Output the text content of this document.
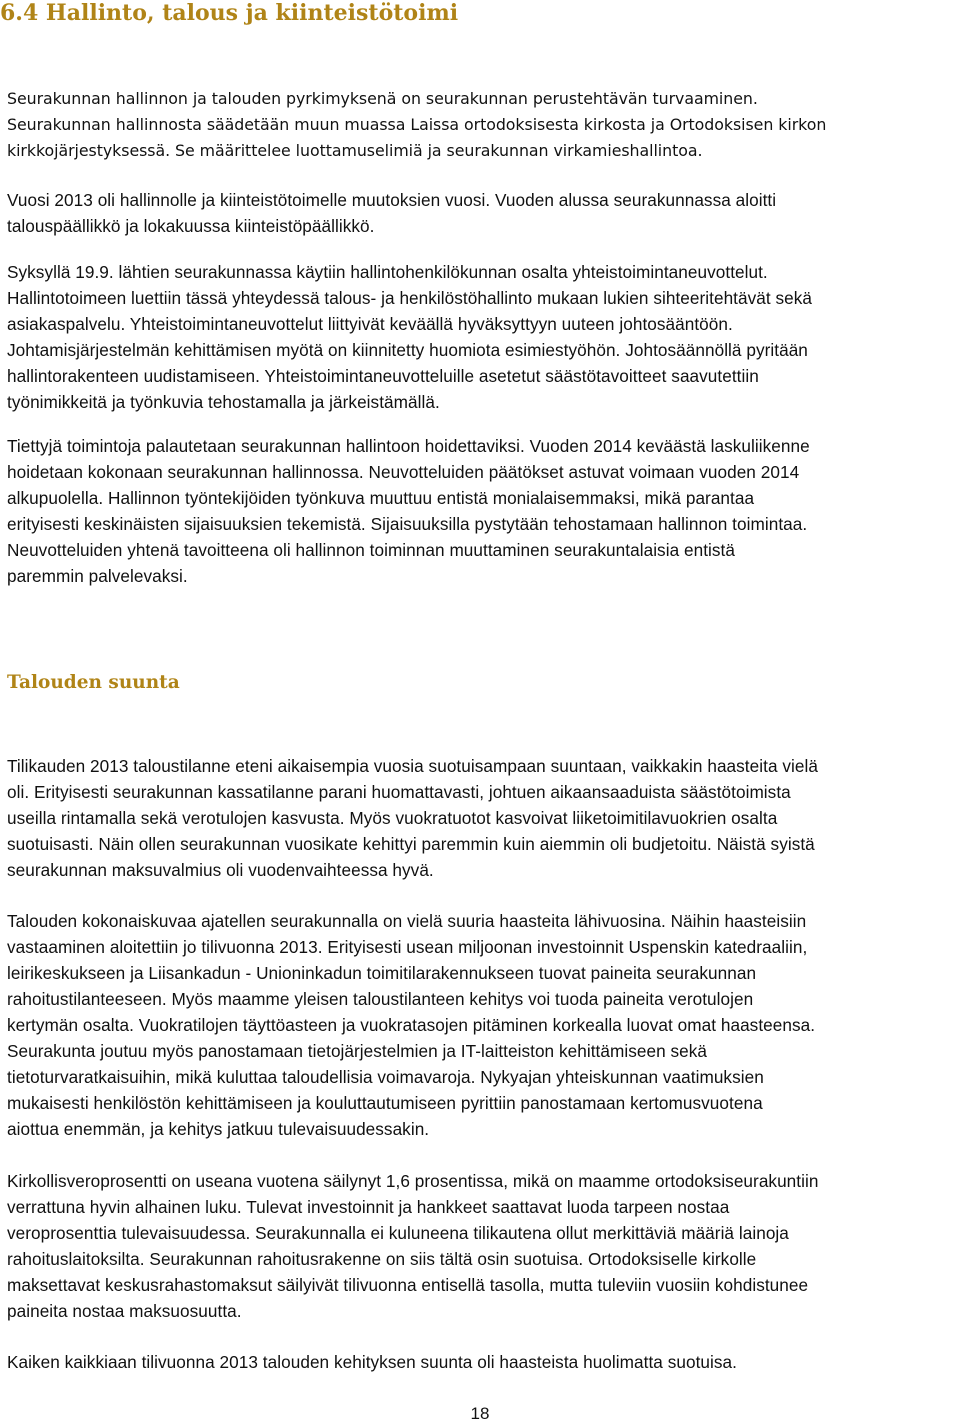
6.4 Hallinto, talous ja kiinteistötoimi
Seurakunnan hallinnon ja talouden pyrkimyksenä on seurakunnan perustehtävän turvaaminen.
Seurakunnan hallinnosta säädetään muun muassa Laissa ortodoksisesta kirkosta ja Ortodoksisen kirkon
kirkkojärjestyksessä. Se määrittelee luottamuselimiä ja seurakunnan virkamieshallintoa.
Vuosi 2013 oli hallinnolle ja kiinteistötoimelle muutoksien vuosi. Vuoden alussa seurakunnassa aloitti
talouspäällikkö ja lokakuussa kiinteistöpäällikkö.
Syksyllä 19.9. lähtien seurakunnassa käytiin hallintohenkilökunnan osalta yhteistoimintaneuvottelut.
Hallintotoimeen luettiin tässä yhteydessä talous- ja henkilöstöhallinto mukaan lukien sihteeritehtävät sekä
asiakaspalvelu. Yhteistoimintaneuvottelut liittyivät keväällä hyväksyttyyn uuteen johtosääntöön.
Johtamisjärjestelmän kehittämisen myötä on kiinnitetty huomiota esimiestyöhön. Johtosäännöllä pyritään
hallintorakenteen uudistamiseen. Yhteistoimintaneuvotteluille asetetut säästötavoitteet saavutettiin
työnimikkeitä ja työnkuvia tehostamalla ja järkeistämällä.
Tiettyjä toimintoja palautetaan seurakunnan hallintoon hoidettaviksi. Vuoden 2014 keväästä laskuliikenne
hoidetaan kokonaan seurakunnan hallinnossa. Neuvotteluiden päätökset astuvat voimaan vuoden 2014
alkupuolella. Hallinnon työntekijöiden työnkuva muuttuu entistä monialaisemmaksi, mikä parantaa
erityisesti keskinäisten sijaisuuksien tekemistä. Sijaisuuksilla pystytään tehostamaan hallinnon toimintaa.
Neuvotteluiden yhtenä tavoitteena oli hallinnon toiminnan muuttaminen seurakuntalaisia entistä
paremmin palvelevaksi.
Talouden suunta
Tilikauden 2013 taloustilanne eteni aikaisempia vuosia suotuisampaan suuntaan, vaikkakin haasteita vielä
oli. Erityisesti seurakunnan kassatilanne parani huomattavasti, johtuen aikaansaaduista säästötoimista
useilla rintamalla sekä verotulojen kasvusta. Myös vuokratuotot kasvoivat liiketoimitilavuokrien osalta
suotuisasti. Näin ollen seurakunnan vuosikate kehittyi paremmin kuin aiemmin oli budjetoitu. Näistä syistä
seurakunnan maksuvalmius oli vuodenvaihteessa hyvä.
Talouden kokonaiskuvaa ajatellen seurakunnalla on vielä suuria haasteita lähivuosina. Näihin haasteisiin
vastaaminen aloitettiin jo tilivuonna 2013. Erityisesti usean miljoonan investoinnit Uspenskin katedraaliin,
leirikeskukseen ja Liisankadun - Unioninkadun toimitilarakennukseen tuovat paineita seurakunnan
rahoitustilanteeseen. Myös maamme yleisen taloustilanteen kehitys voi tuoda paineita verotulojen
kertymän osalta. Vuokratilojen täyttöasteen ja vuokratasojen pitäminen korkealla luovat omat haasteensa.
Seurakunta joutuu myös panostamaan tietojärjestelmien ja IT-laitteiston kehittämiseen sekä
tietoturvaratkaisuihin, mikä kuluttaa taloudellisia voimavaroja. Nykyajan yhteiskunnan vaatimuksien
mukaisesti henkilöstön kehittämiseen ja kouluttautumiseen pyrittiin panostamaan kertomusvuotena
aiottua enemmän, ja kehitys jatkuu tulevaisuudessakin.
Kirkollisveroprosentti on useana vuotena säilynyt 1,6 prosentissa, mikä on maamme ortodoksiseurakuntiin
verrattuna hyvin alhainen luku. Tulevat investoinnit ja hankkeet saattavat luoda tarpeen nostaa
veroprosenttia tulevaisuudessa. Seurakunnalla ei kuluneena tilikautena ollut merkittäviä määriä lainoja
rahoituslaitoksilta. Seurakunnan rahoitusrakenne on siis tältä osin suotuisa. Ortodoksiselle kirkolle
maksettavat keskusrahastomaksut säilyivät tilivuonna entisellä tasolla, mutta tuleviin vuosiin kohdistunee
paineita nostaa maksuosuutta.
Kaiken kaikkiaan tilivuonna 2013 talouden kehityksen suunta oli haasteista huolimatta suotuisa.
18
